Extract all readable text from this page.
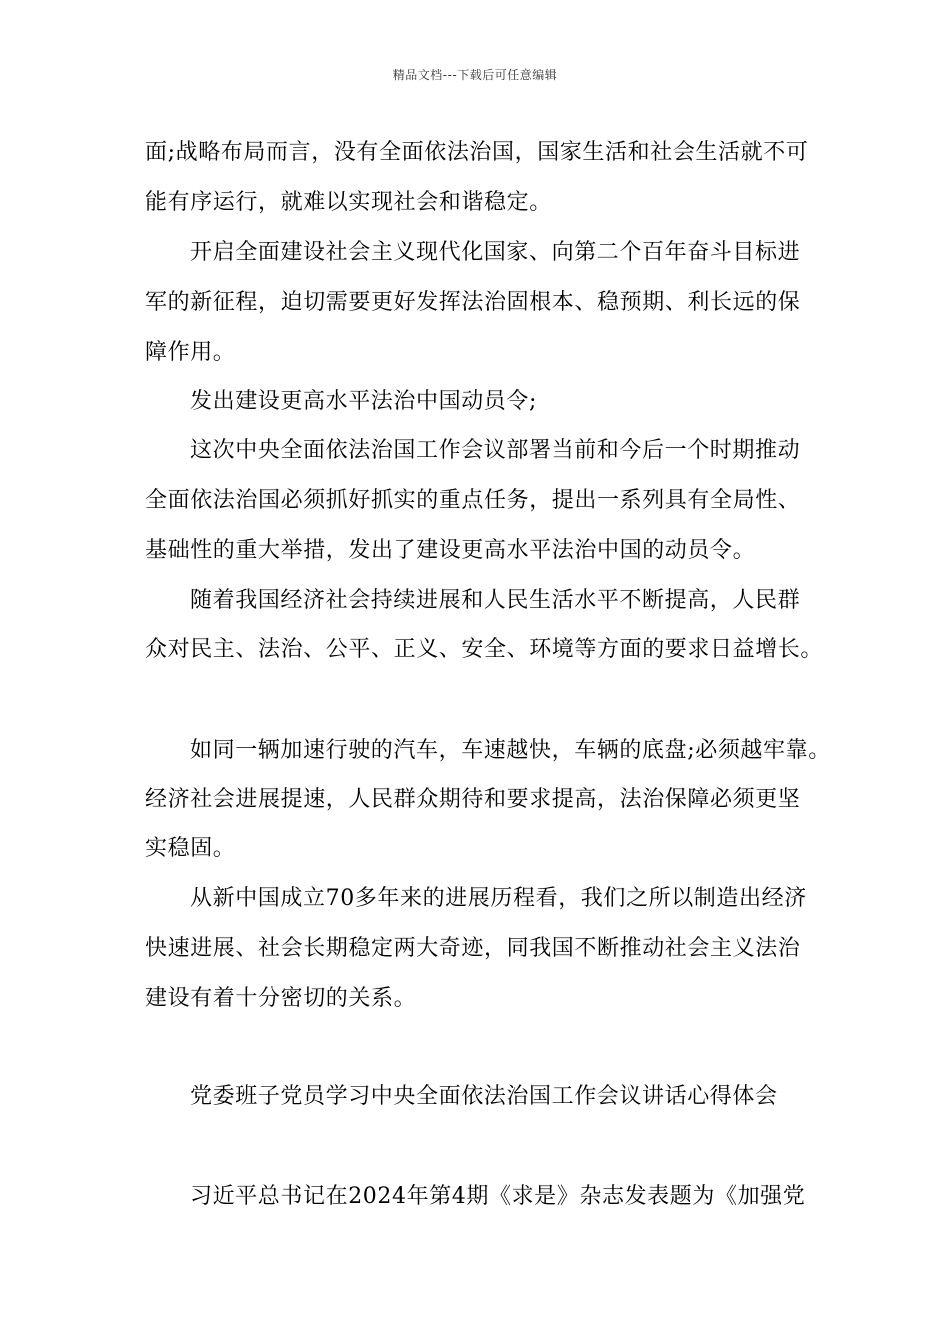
精品文档---下载后可任意编辑
面;战略布局而言，没有全面依法治国，国家生活和社会生活就不可
能有序运行，就难以实现社会和谐稳定。
开启全面建设社会主义现代化国家、向第二个百年奋斗目标进
军的新征程，迫切需要更好发挥法治固根本、稳预期、利长远的保
障作用。
发出建设更高水平法治中国动员令;
这次中央全面依法治国工作会议部署当前和今后一个时期推动
全面依法治国必须抓好抓实的重点任务，提出一系列具有全局性、
基础性的重大举措，发出了建设更高水平法治中国的动员令。
随着我国经济社会持续进展和人民生活水平不断提高，人民群
众对民主、法治、公平、正义、安全、环境等方面的要求日益增长。
如同一辆加速行驶的汽车，车速越快，车辆的底盘;必须越牢靠。
经济社会进展提速，人民群众期待和要求提高，法治保障必须更坚
实稳固。
从新中国成立70多年来的进展历程看，我们之所以制造出经济
快速进展、社会长期稳定两大奇迹，同我国不断推动社会主义法治
建设有着十分密切的关系。
党委班子党员学习中央全面依法治国工作会议讲话心得体会
习近平总书记在2024年第4期《求是》杂志发表题为《加强党
